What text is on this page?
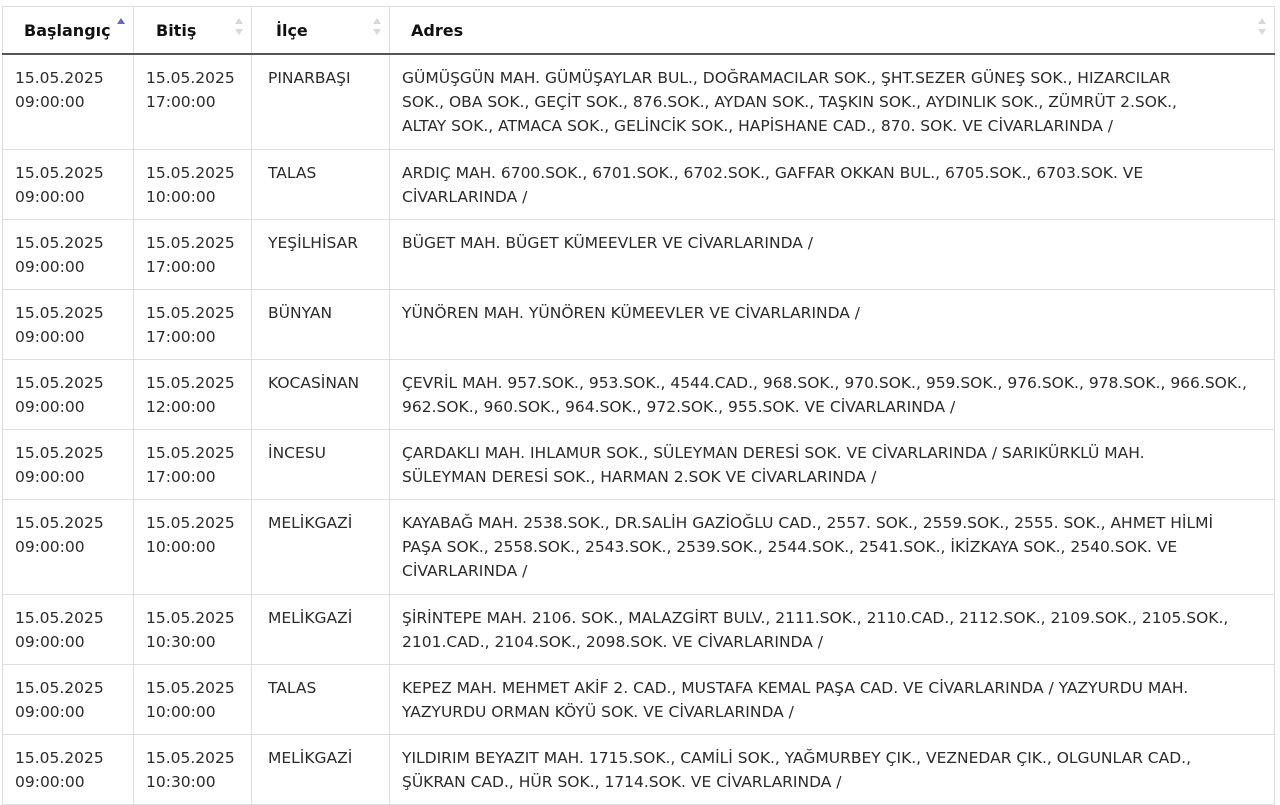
Başlangıç	Bitiş	İlçe	Adres

15.05.2025
09:00:00	15.05.2025
17:00:00	PINARBAŞI	GÜMÜŞGÜN MAH. GÜMÜŞAYLAR BUL., DOĞRAMACILAR SOK., ŞHT.SEZER GÜNEŞ SOK., HIZARCILAR
SOK., OBA SOK., GEÇİT SOK., 876.SOK., AYDAN SOK., TAŞKIN SOK., AYDINLIK SOK., ZÜMRÜT 2.SOK.,
ALTAY SOK., ATMACA SOK., GELİNCİK SOK., HAPİSHANE CAD., 870. SOK. VE CİVARLARINDA /

15.05.2025
09:00:00	15.05.2025
10:00:00	TALAS	ARDIÇ MAH. 6700.SOK., 6701.SOK., 6702.SOK., GAFFAR OKKAN BUL., 6705.SOK., 6703.SOK. VE
CİVARLARINDA /

15.05.2025
09:00:00	15.05.2025
17:00:00	YEŞİLHİSAR	BÜGET MAH. BÜGET KÜMEEVLER VE CİVARLARINDA /

15.05.2025
09:00:00	15.05.2025
17:00:00	BÜNYAN	YÜNÖREN MAH. YÜNÖREN KÜMEEVLER VE CİVARLARINDA /

15.05.2025
09:00:00	15.05.2025
12:00:00	KOCASİNAN	ÇEVRİL MAH. 957.SOK., 953.SOK., 4544.CAD., 968.SOK., 970.SOK., 959.SOK., 976.SOK., 978.SOK., 966.SOK.,
962.SOK., 960.SOK., 964.SOK., 972.SOK., 955.SOK. VE CİVARLARINDA /

15.05.2025
09:00:00	15.05.2025
17:00:00	İNCESU	ÇARDAKLI MAH. IHLAMUR SOK., SÜLEYMAN DERESİ SOK. VE CİVARLARINDA / SARIKÜRKLÜ MAH.
SÜLEYMAN DERESİ SOK., HARMAN 2.SOK VE CİVARLARINDA /

15.05.2025
09:00:00	15.05.2025
10:00:00	MELİKGAZİ	KAYABAĞ MAH. 2538.SOK., DR.SALİH GAZİOĞLU CAD., 2557. SOK., 2559.SOK., 2555. SOK., AHMET HİLMİ
PAŞA SOK., 2558.SOK., 2543.SOK., 2539.SOK., 2544.SOK., 2541.SOK., İKİZKAYA SOK., 2540.SOK. VE
CİVARLARINDA /

15.05.2025
09:00:00	15.05.2025
10:30:00	MELİKGAZİ	ŞİRİNTEPE MAH. 2106. SOK., MALAZGİRT BULV., 2111.SOK., 2110.CAD., 2112.SOK., 2109.SOK., 2105.SOK.,
2101.CAD., 2104.SOK., 2098.SOK. VE CİVARLARINDA /

15.05.2025
09:00:00	15.05.2025
10:00:00	TALAS	KEPEZ MAH. MEHMET AKİF 2. CAD., MUSTAFA KEMAL PAŞA CAD. VE CİVARLARINDA / YAZYURDU MAH.
YAZYURDU ORMAN KÖYÜ SOK. VE CİVARLARINDA /

15.05.2025
09:00:00	15.05.2025
10:30:00	MELİKGAZİ	YILDIRIM BEYAZIT MAH. 1715.SOK., CAMİLİ SOK., YAĞMURBEY ÇIK., VEZNEDAR ÇIK., OLGUNLAR CAD.,
ŞÜKRAN CAD., HÜR SOK., 1714.SOK. VE CİVARLARINDA /
